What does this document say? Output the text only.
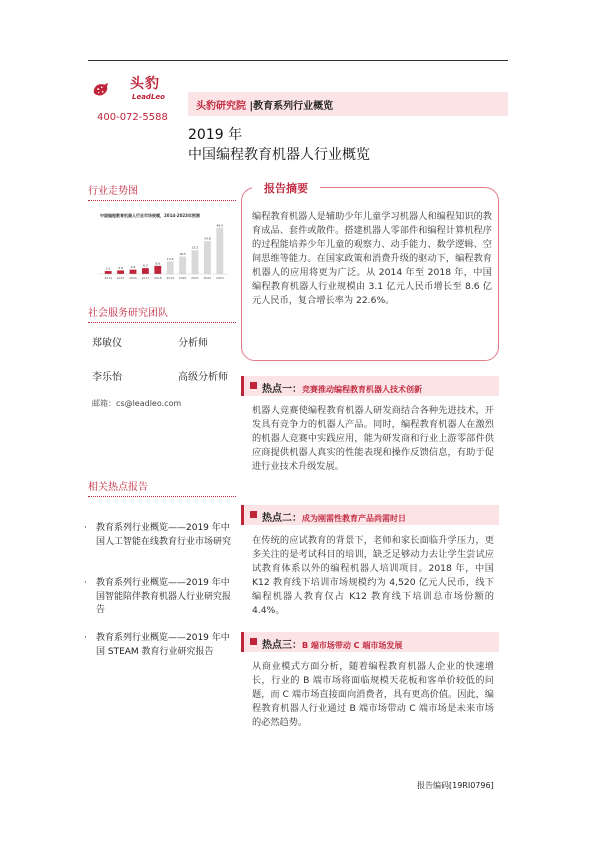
头豹
LeadLeo
400-072-5588
头豹研究院 |教育系列行业概览
2019 年
中国编程教育机器人行业概览
行业走势图
中国编程教育机器人行业市场规模，2014-2023年预测
3.1
2014
3.8
2015
4.6
2016
6.2
2017
8.6
2018
13.4
2019
18.5
2020
25.2
2021
34.8
2022
48.9
2023
社会服务研究团队
郑敏仪	分析师
李乐怡	高级分析师
邮箱：cs@leadleo.com
相关热点报告
·	教育系列行业概览——2019 年中国人工智能在线教育行业市场研究
·	教育系列行业概览——2019 年中国智能陪伴教育机器人行业研究报告
·	教育系列行业概览——2019 年中国 STEAM 教育行业研究报告
报告摘要
编程教育机器人是辅助少年儿童学习机器人和编程知识的教育成品、套件或散件。搭建机器人零部件和编程计算机程序的过程能培养少年儿童的观察力、动手能力、数学逻辑、空间思维等能力。在国家政策和消费升级的驱动下，编程教育机器人的应用将更为广泛。从 2014 年至 2018 年，中国编程教育机器人行业规模由 3.1 亿元人民币增长至 8.6 亿元人民币，复合增长率为 22.6%。
热点一：竞赛推动编程教育机器人技术创新
机器人竞赛使编程教育机器人研发商结合各种先进技术，开发具有竞争力的机器人产品。同时，编程教育机器人在激烈的机器人竞赛中实践应用，能为研发商和行业上游零部件供应商提供机器人真实的性能表现和操作反馈信息，有助于促进行业技术升级发展。
热点二：成为刚需性教育产品尚需时日
在传统的应试教育的背景下，老师和家长面临升学压力，更多关注的是考试科目的培训，缺乏足够动力去让学生尝试应试教育体系以外的编程机器人培训项目。2018 年，中国 K12 教育线下培训市场规模约为 4,520 亿元人民币，线下编程机器人教育仅占 K12 教育线下培训总市场份额的 4.4%。
热点三：B 端市场带动 C 端市场发展
从商业模式方面分析，随着编程教育机器人企业的快速增长，行业的 B 端市场将面临规模天花板和客单价较低的问题，而 C 端市场直接面向消费者，具有更高价值。因此，编程教育机器人行业通过 B 端市场带动 C 端市场是未来市场的必然趋势。
报告编码[19RI0796]
